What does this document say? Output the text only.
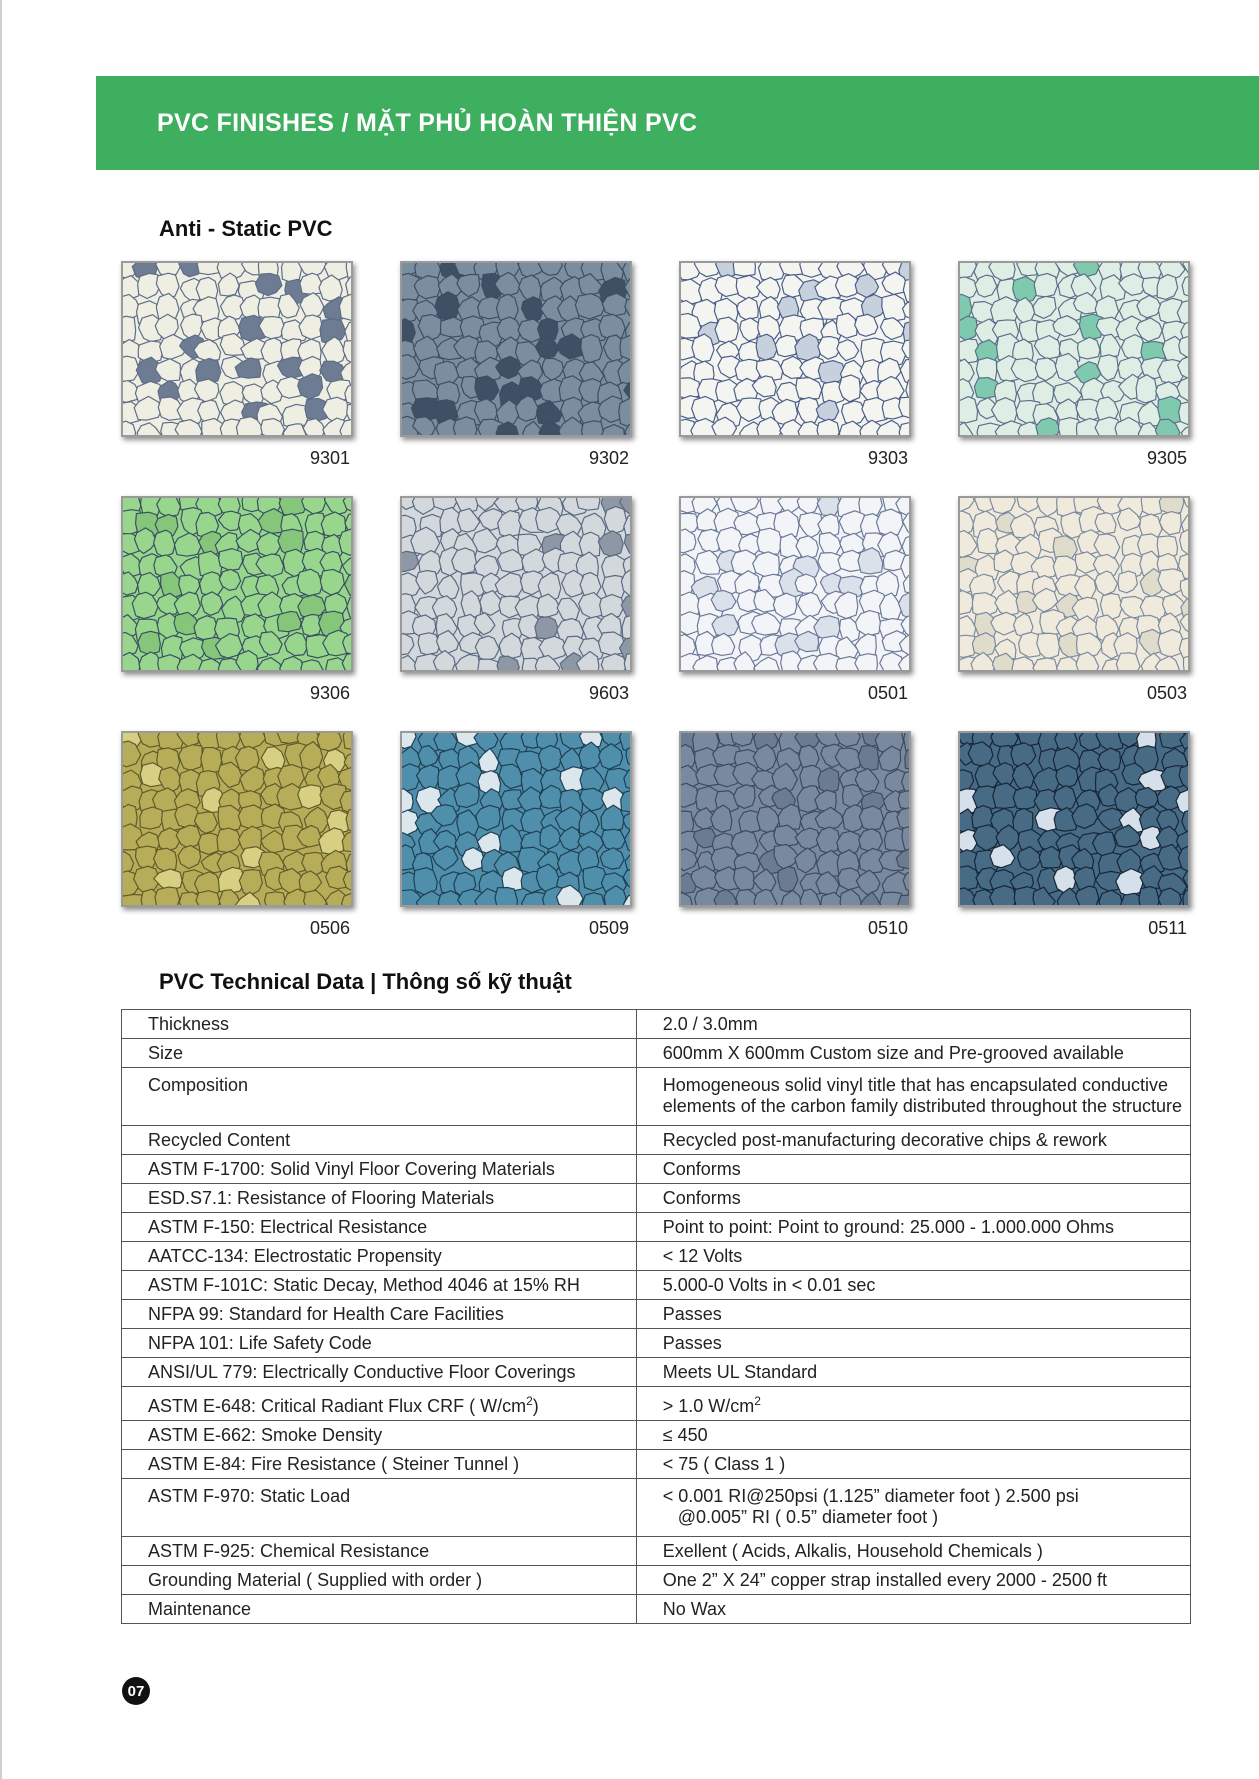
PVC FINISHES / MẶT PHỦ HOÀN THIỆN PVC
Anti - Static PVC
9301	9302	9303	9305
9306	9603	0501	0503
0506	0509	0510	0511
PVC Technical Data | Thông số kỹ thuật
Thickness	2.0 / 3.0mm
Size	600mm X 600mm Custom size and Pre-grooved available
Composition	Homogeneous solid vinyl title that has encapsulated conductive
elements of the carbon family distributed throughout the structure
Recycled Content	Recycled post-manufacturing decorative chips & rework
ASTM F-1700: Solid Vinyl Floor Covering Materials	Conforms
ESD.S7.1: Resistance of Flooring Materials	Conforms
ASTM F-150: Electrical Resistance	Point to point: Point to ground: 25.000 - 1.000.000 Ohms
AATCC-134: Electrostatic Propensity	< 12 Volts
ASTM F-101C: Static Decay, Method 4046 at 15% RH	5.000-0 Volts in < 0.01 sec
NFPA 99: Standard for Health Care Facilities	Passes
NFPA 101: Life Safety Code	Passes
ANSI/UL 779: Electrically Conductive Floor Coverings	Meets UL Standard
ASTM E-648: Critical Radiant Flux CRF ( $W/cm^2$)	> 1.0 $W/cm^2$
ASTM E-662: Smoke Density	≤ 450
ASTM E-84: Fire Resistance ( Steiner Tunnel )	< 75 ( Class 1 )
ASTM F-970: Static Load	< 0.001 RI@250psi (1.125” diameter foot ) 2.500 psi
@0.005” RI ( 0.5” diameter foot )
ASTM F-925: Chemical Resistance	Exellent ( Acids, Alkalis, Household Chemicals )
Grounding Material ( Supplied with order )	One 2” X 24” copper strap installed every 2000 - 2500 ft
Maintenance	No Wax
07
